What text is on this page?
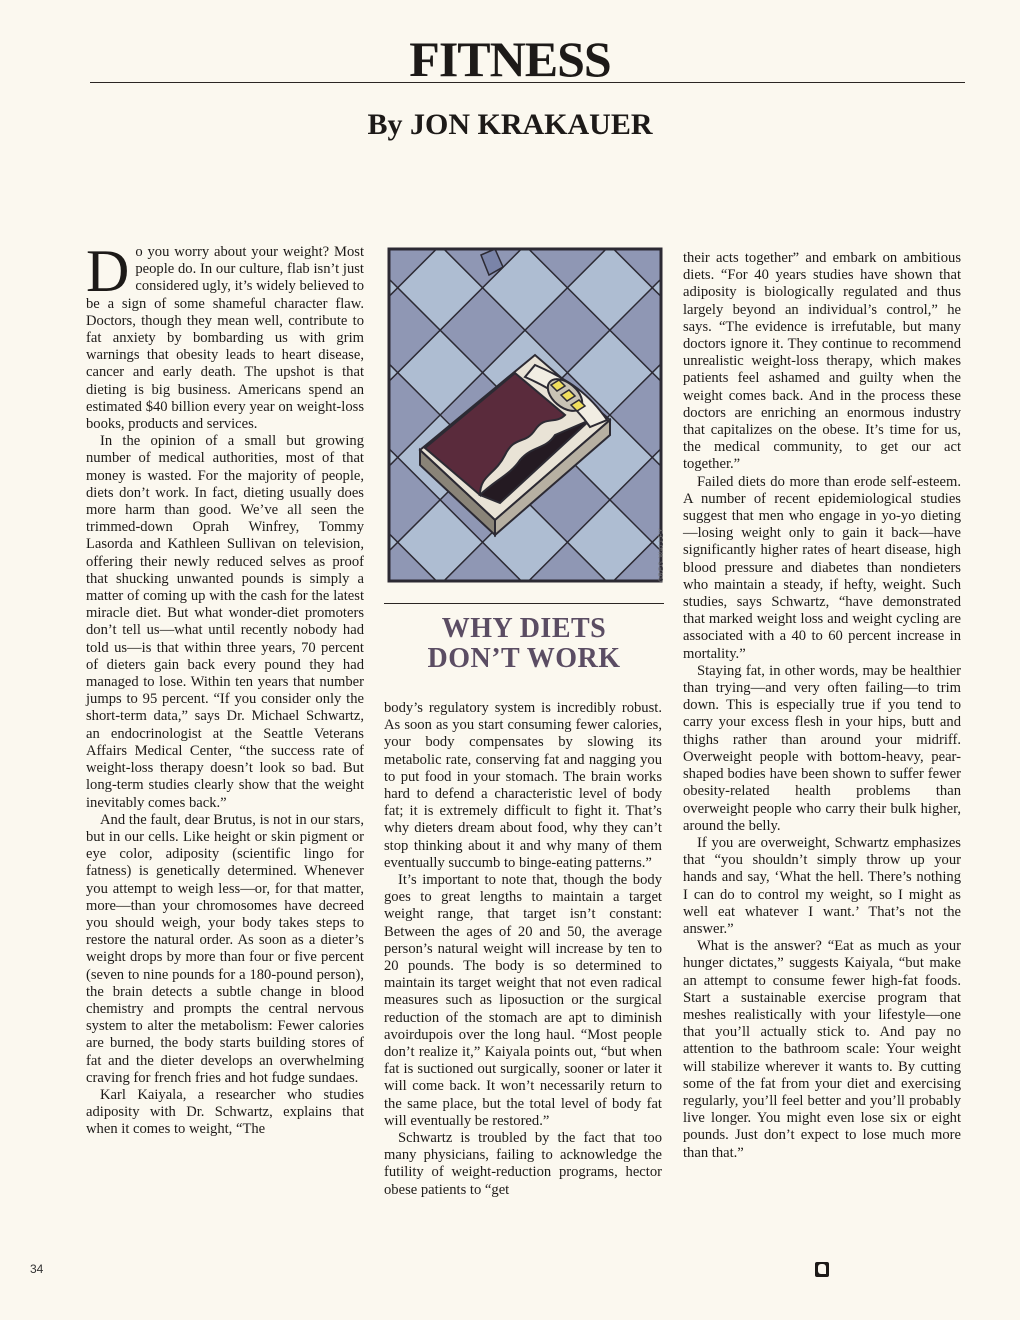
FITNESS
By JON KRAKAUER

Do you worry about your weight? Most people do. In our culture, flab isn’t just considered ugly, it’s widely believed to be a sign of some shameful character flaw. Doctors, though they mean well, contribute to fat anxiety by bombarding us with grim warnings that obesity leads to heart disease, cancer and early death. The upshot is that dieting is big business. Americans spend an estimated $40 billion every year on weight-loss books, products and services.

In the opinion of a small but growing number of medical authorities, most of that money is wasted. For the majority of people, diets don’t work. In fact, dieting usually does more harm than good. We’ve all seen the trimmed-down Oprah Winfrey, Tommy Lasorda and Kathleen Sullivan on television, offering their newly reduced selves as proof that shucking unwanted pounds is simply a matter of coming up with the cash for the latest miracle diet. But what wonder-diet promoters don’t tell us—what until recently nobody had told us—is that within three years, 70 percent of dieters gain back every pound they had managed to lose. Within ten years that number jumps to 95 percent. “If you consider only the short-term data,” says Dr. Michael Schwartz, an endocrinologist at the Seattle Veterans Affairs Medical Center, “the success rate of weight-loss therapy doesn’t look so bad. But long-term studies clearly show that the weight inevitably comes back.”

And the fault, dear Brutus, is not in our stars, but in our cells. Like height or skin pigment or eye color, adiposity (scientific lingo for fatness) is genetically determined. Whenever you attempt to weigh less—or, for that matter, more—than your chromosomes have decreed you should weigh, your body takes steps to restore the natural order. As soon as a dieter’s weight drops by more than four or five percent (seven to nine pounds for a 180-pound person), the brain detects a subtle change in blood chemistry and prompts the central nervous system to alter the metabolism: Fewer calories are burned, the body starts building stores of fat and the dieter develops an overwhelming craving for french fries and hot fudge sundaes.

Karl Kaiyala, a researcher who studies adiposity with Dr. Schwartz, explains that when it comes to weight, “The

GREG WALLEY
WHY DIETS
DON’T WORK

body’s regulatory system is incredibly robust. As soon as you start consuming fewer calories, your body compensates by slowing its metabolic rate, conserving fat and nagging you to put food in your stomach. The brain works hard to defend a characteristic level of body fat; it is extremely difficult to fight it. That’s why dieters dream about food, why they can’t stop thinking about it and why many of them eventually succumb to binge-eating patterns.”

It’s important to note that, though the body goes to great lengths to maintain a target weight range, that target isn’t constant: Between the ages of 20 and 50, the average person’s natural weight will increase by ten to 20 pounds. The body is so determined to maintain its target weight that not even radical measures such as liposuction or the surgical reduction of the stomach are apt to diminish avoirdupois over the long haul. “Most people don’t realize it,” Kaiyala points out, “but when fat is suctioned out surgically, sooner or later it will come back. It won’t necessarily return to the same place, but the total level of body fat will eventually be restored.”

Schwartz is troubled by the fact that too many physicians, failing to acknowledge the futility of weight-reduction programs, hector obese patients to “get

their acts together” and embark on ambitious diets. “For 40 years studies have shown that adiposity is biologically regulated and thus largely beyond an individual’s control,” he says. “The evidence is irrefutable, but many doctors ignore it. They continue to recommend unrealistic weight-loss therapy, which makes patients feel ashamed and guilty when the weight comes back. And in the process these doctors are enriching an enormous industry that capitalizes on the obese. It’s time for us, the medical community, to get our act together.”

Failed diets do more than erode self-esteem. A number of recent epidemiological studies suggest that men who engage in yo-yo dieting—losing weight only to gain it back—have significantly higher rates of heart disease, high blood pressure and diabetes than nondieters who maintain a steady, if hefty, weight. Such studies, says Schwartz, “have demonstrated that marked weight loss and weight cycling are associated with a 40 to 60 percent increase in mortality.”

Staying fat, in other words, may be healthier than trying—and very often failing—to trim down. This is especially true if you tend to carry your excess flesh in your hips, butt and thighs rather than around your midriff. Overweight people with bottom-heavy, pear-shaped bodies have been shown to suffer fewer obesity-related health problems than overweight people who carry their bulk higher, around the belly.

If you are overweight, Schwartz emphasizes that “you shouldn’t simply throw up your hands and say, ‘What the hell. There’s nothing I can do to control my weight, so I might as well eat whatever I want.’ That’s not the answer.”

What is the answer? “Eat as much as your hunger dictates,” suggests Kaiyala, “but make an attempt to consume fewer high-fat foods. Start a sustainable exercise program that meshes realistically with your lifestyle—one that you’ll actually stick to. And pay no attention to the bathroom scale: Your weight will stabilize wherever it wants to. By cutting some of the fat from your diet and exercising regularly, you’ll feel better and you’ll probably live longer. You might even lose six or eight pounds. Just don’t expect to lose much more than that.”

34
